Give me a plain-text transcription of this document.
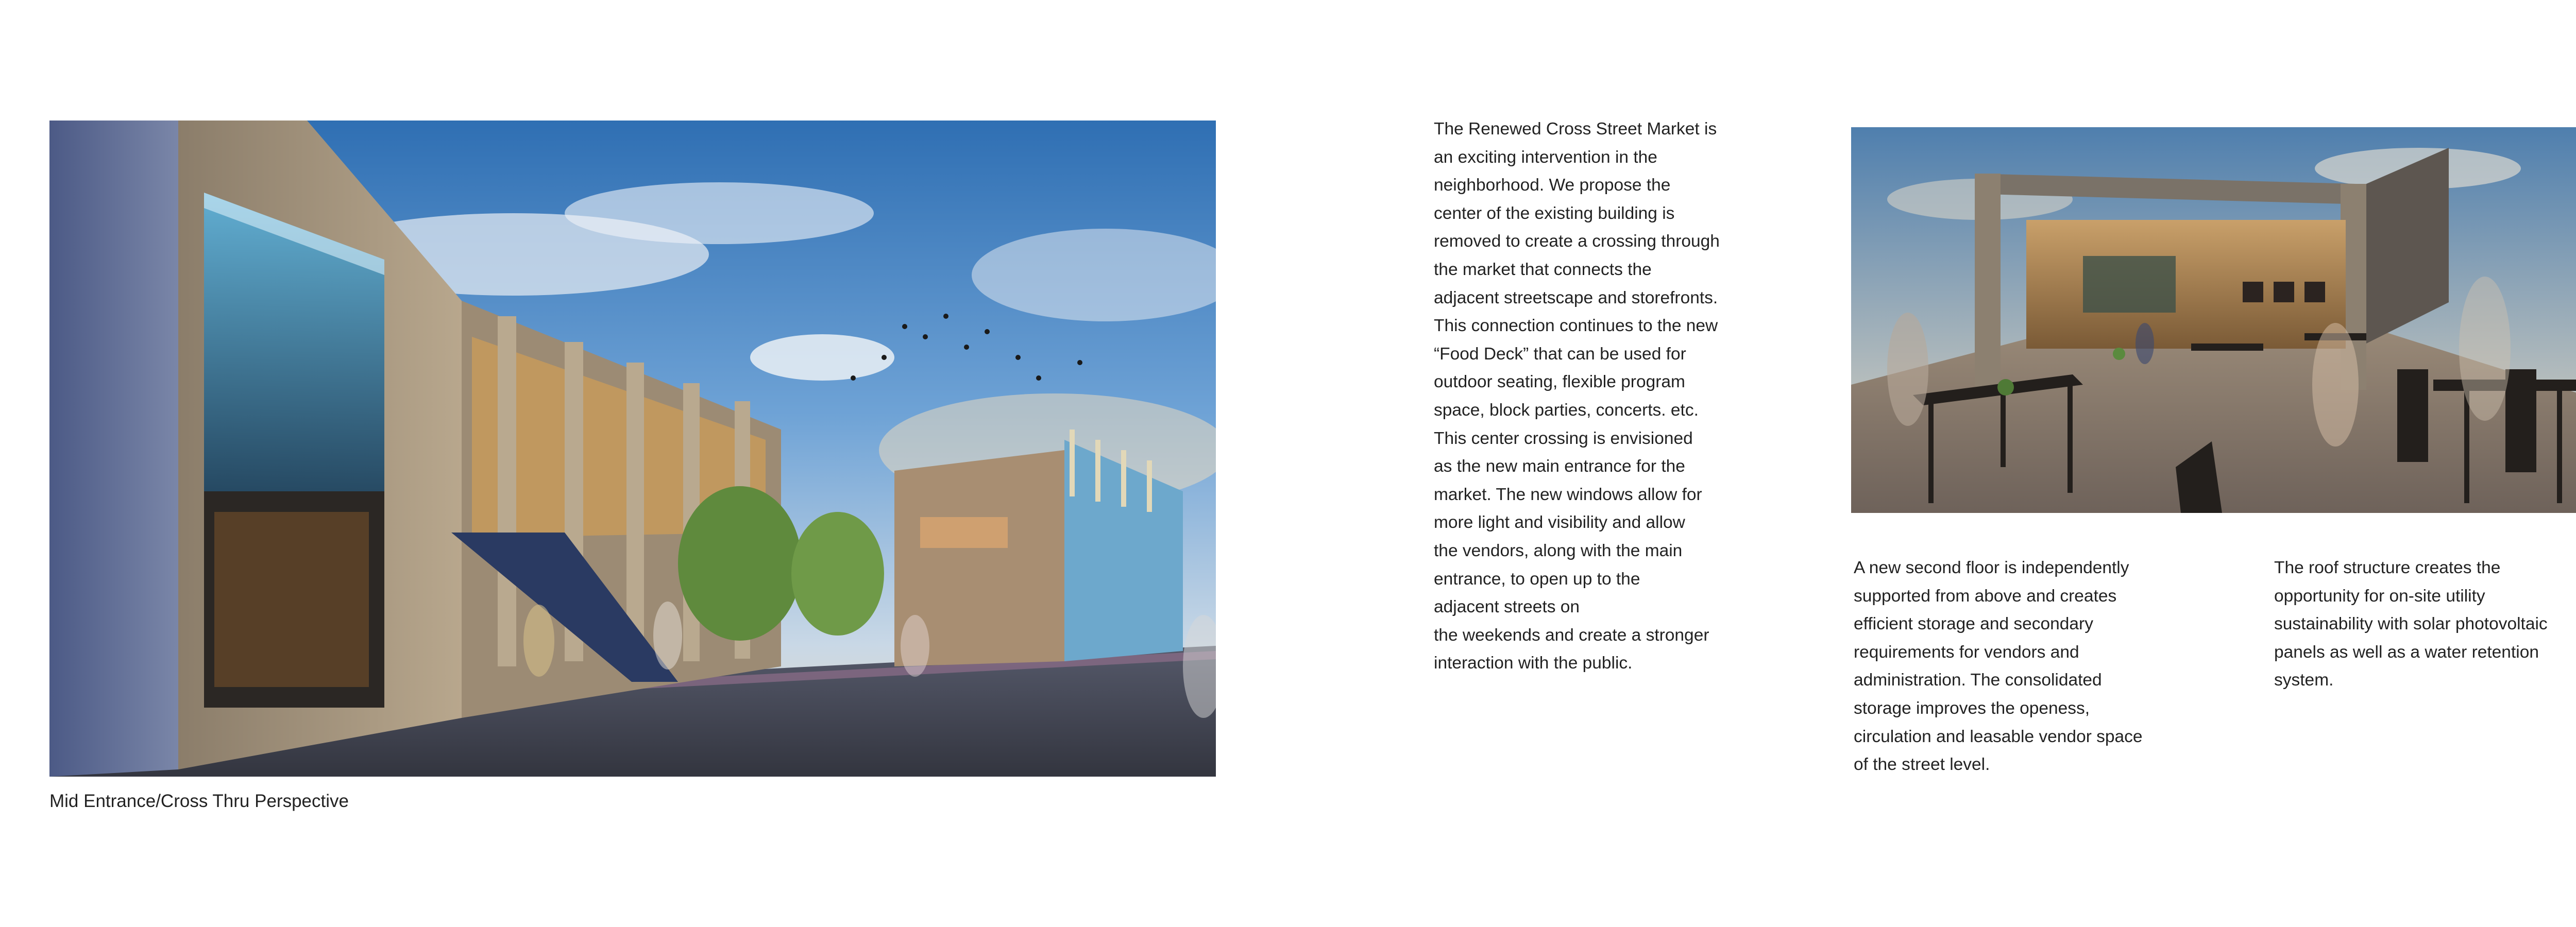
Mid Entrance/Cross Thru Perspective
The Renewed Cross Street Market is
an exciting intervention in the
neighborhood. We propose the
center of the existing building is
removed to create a crossing through
the market that connects the
adjacent streetscape and storefronts.
This connection continues to the new
“Food Deck” that can be used for
outdoor seating, flexible program
space, block parties, concerts. etc.
This center crossing is envisioned
as the new main entrance for the
market. The new windows allow for
more light and visibility and allow
the vendors, along with the main
entrance, to open up to the
adjacent streets on
the weekends and create a stronger
interaction with the public.
A new second floor is independently
supported from above and creates
efficient storage and secondary
requirements for vendors and
administration. The consolidated
storage improves the openess,
circulation and leasable vendor space
of the street level.
The roof structure creates the
opportunity for on-site utility
sustainability with solar photovoltaic
panels as well as a water retention
system.
